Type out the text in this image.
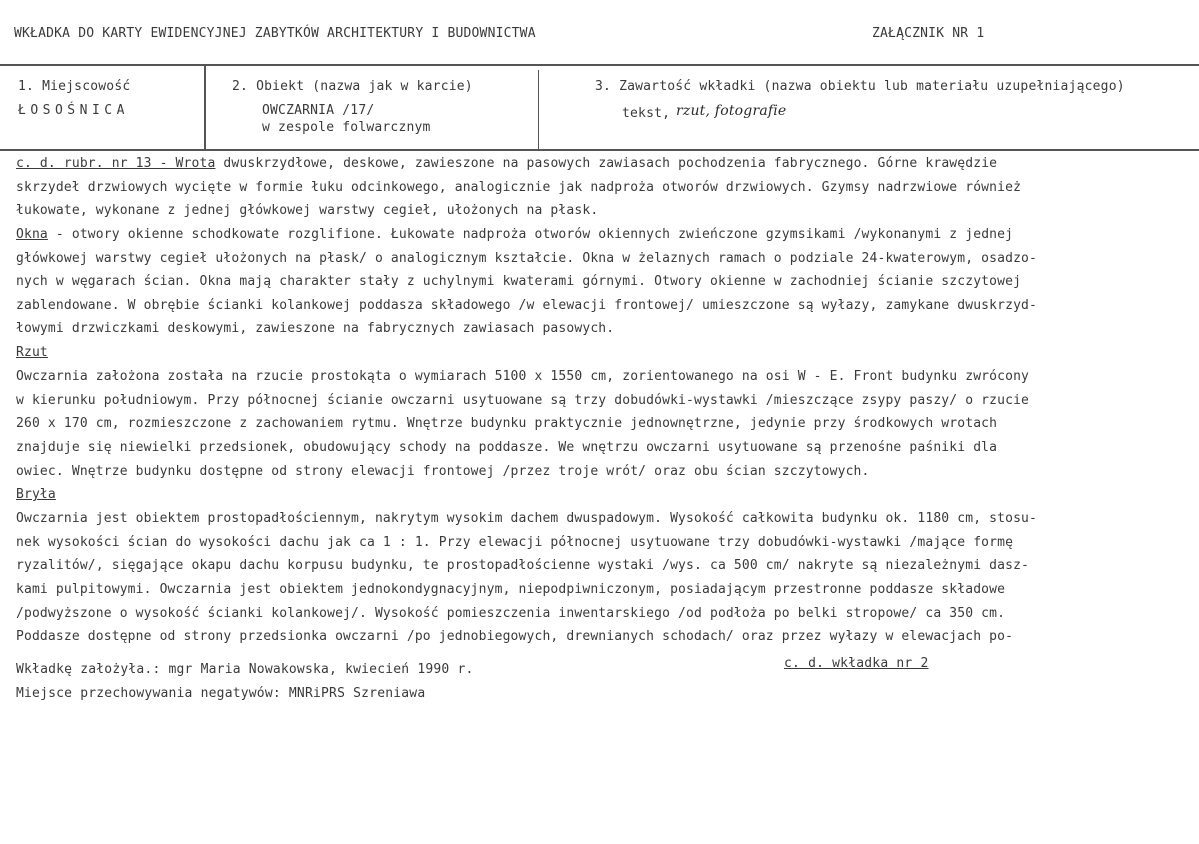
WKŁADKA DO KARTY EWIDENCYJNEJ ZABYTKÓW ARCHITEKTURY I BUDOWNICTWA	ZAŁĄCZNIK NR 1
1. Miejscowość
ŁOSOŚNICA
2. Obiekt (nazwa jak w karcie)
OWCZARNIA /17/
w zespole folwarcznym
3. Zawartość wkładki (nazwa obiektu lub materiału uzupełniającego)
tekst, rzut, fotografie
c. d. rubr. nr 13 - Wrota dwuskrzydłowe, deskowe, zawieszone na pasowych zawiasach pochodzenia fabrycznego. Górne krawędzie
skrzydeł drzwiowych wycięte w formie łuku odcinkowego, analogicznie jak nadproża otworów drzwiowych. Gzymsy nadrzwiowe również
łukowate, wykonane z jednej główkowej warstwy cegieł, ułożonych na płask.
Okna - otwory okienne schodkowate rozglifione. Łukowate nadproża otworów okiennych zwieńczone gzymsikami /wykonanymi z jednej
główkowej warstwy cegieł ułożonych na płask/ o analogicznym kształcie. Okna w żelaznych ramach o podziale 24-kwaterowym, osadzo-
nych w węgarach ścian. Okna mają charakter stały z uchylnymi kwaterami górnymi. Otwory okienne w zachodniej ścianie szczytowej
zablendowane. W obrębie ścianki kolankowej poddasza składowego /w elewacji frontowej/ umieszczone są wyłazy, zamykane dwuskrzyd-
łowymi drzwiczkami deskowymi, zawieszone na fabrycznych zawiasach pasowych.
Rzut
Owczarnia założona została na rzucie prostokąta o wymiarach 5100 x 1550 cm, zorientowanego na osi W - E. Front budynku zwrócony
w kierunku południowym. Przy północnej ścianie owczarni usytuowane są trzy dobudówki-wystawki /mieszczące zsypy paszy/ o rzucie
260 x 170 cm, rozmieszczone z zachowaniem rytmu. Wnętrze budynku praktycznie jednownętrzne, jedynie przy środkowych wrotach
znajduje się niewielki przedsionek, obudowujący schody na poddasze. We wnętrzu owczarni usytuowane są przenośne paśniki dla
owiec. Wnętrze budynku dostępne od strony elewacji frontowej /przez troje wrót/ oraz obu ścian szczytowych.
Bryła
Owczarnia jest obiektem prostopadłościennym, nakrytym wysokim dachem dwuspadowym. Wysokość całkowita budynku ok. 1180 cm, stosu-
nek wysokości ścian do wysokości dachu jak ca 1 : 1. Przy elewacji północnej usytuowane trzy dobudówki-wystawki /mające formę
ryzalitów/, sięgające okapu dachu korpusu budynku, te prostopadłościenne wystaki /wys. ca 500 cm/ nakryte są niezależnymi dasz-
kami pulpitowymi. Owczarnia jest obiektem jednokondygnacyjnym, niepodpiwniczonym, posiadającym przestronne poddasze składowe
/podwyższone o wysokość ścianki kolankowej/. Wysokość pomieszczenia inwentarskiego /od podłoża po belki stropowe/ ca 350 cm.
Poddasze dostępne od strony przedsionka owczarni /po jednobiegowych, drewnianych schodach/ oraz przez wyłazy w elewacjach po-
Wkładkę założyła.: mgr Maria Nowakowska, kwiecień 1990 r.	c. d. wkładka nr 2
Miejsce przechowywania negatywów: MNRiPRS Szreniawa
